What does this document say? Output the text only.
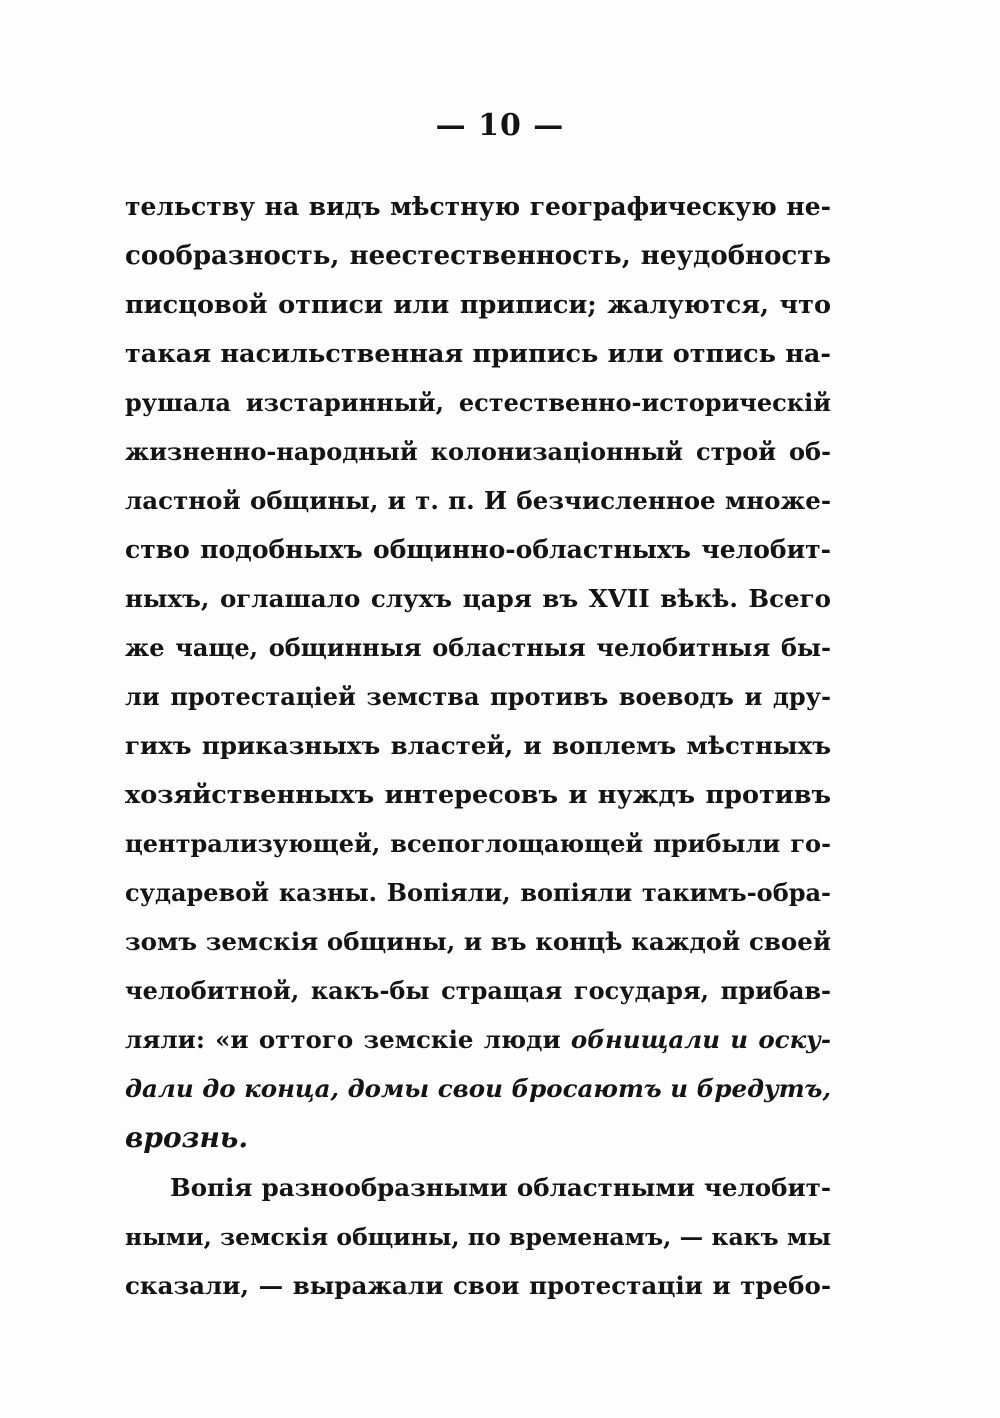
— 10 —
тельству на видъ мѣстную географическую не-
сообразность, неестественность, неудобность
писцовой отписи или приписи; жалуются, что
такая насильственная припись или отпись на-
рушала изстаринный, естественно-историческій
жизненно-народный колонизаціонный строй об-
ластной общины, и т. п. И безчисленное множе-
ство подобныхъ общинно-областныхъ челобит-
ныхъ, оглашало слухъ царя въ XVII вѣкѣ. Всего
же чаще, общинныя областныя челобитныя бы-
ли протестаціей земства противъ воеводъ и дру-
гихъ приказныхъ властей, и воплемъ мѣстныхъ
хозяйственныхъ интересовъ и нуждъ противъ
централизующей, всепоглощающей прибыли го-
сударевой казны. Вопіяли, вопіяли такимъ-обра-
зомъ земскія общины, и въ концѣ каждой своей
челобитной, какъ-бы стращая государя, прибав-
ляли: «и оттого земскіе люди обнищали и оску-
дали до конца, домы свои бросаютъ и бредутъ,
врознь.
Вопія разнообразными областными челобит-
ными, земскія общины, по временамъ, — какъ мы
сказали, — выражали свои протестаціи и требо-
